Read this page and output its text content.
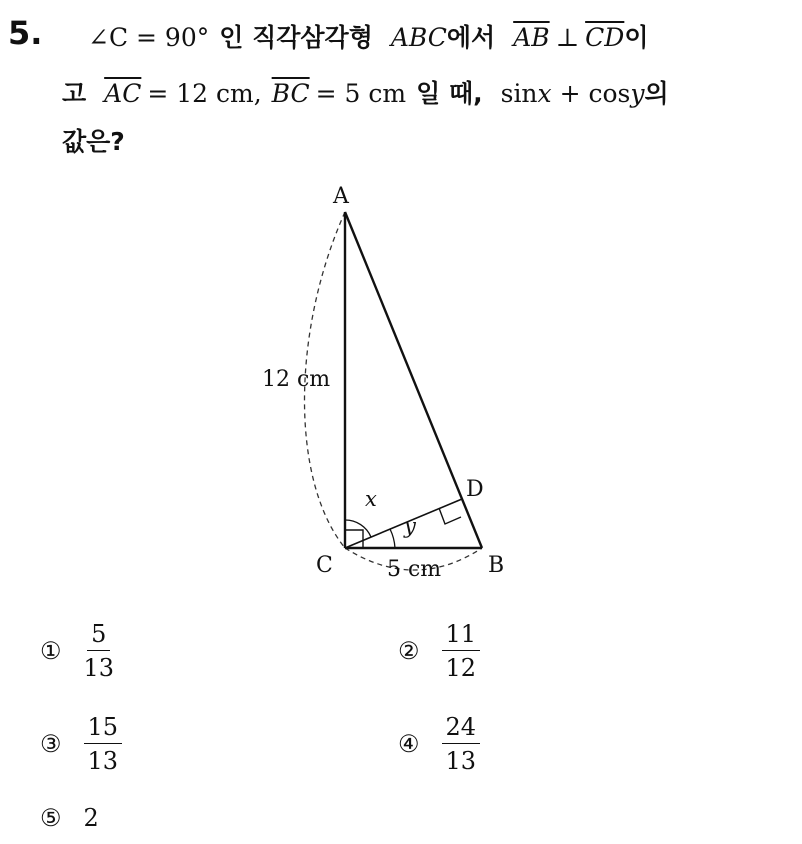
5. ∠C = 90° 인 직각삼각형 ABC 에서 $\overline{AB}$ ⊥ $\overline{CD}$ 이
고 $\overline{AC} = 12$ cm, $\overline{BC} = 5$ cm 일 때, sin x + cos y 의
값은?
A
B
C
D
12 cm
5 cm
x
y
① $\frac{5}{13}$	② $\frac{11}{12}$
③ $\frac{15}{13}$	④ $\frac{24}{13}$
⑤ 2
